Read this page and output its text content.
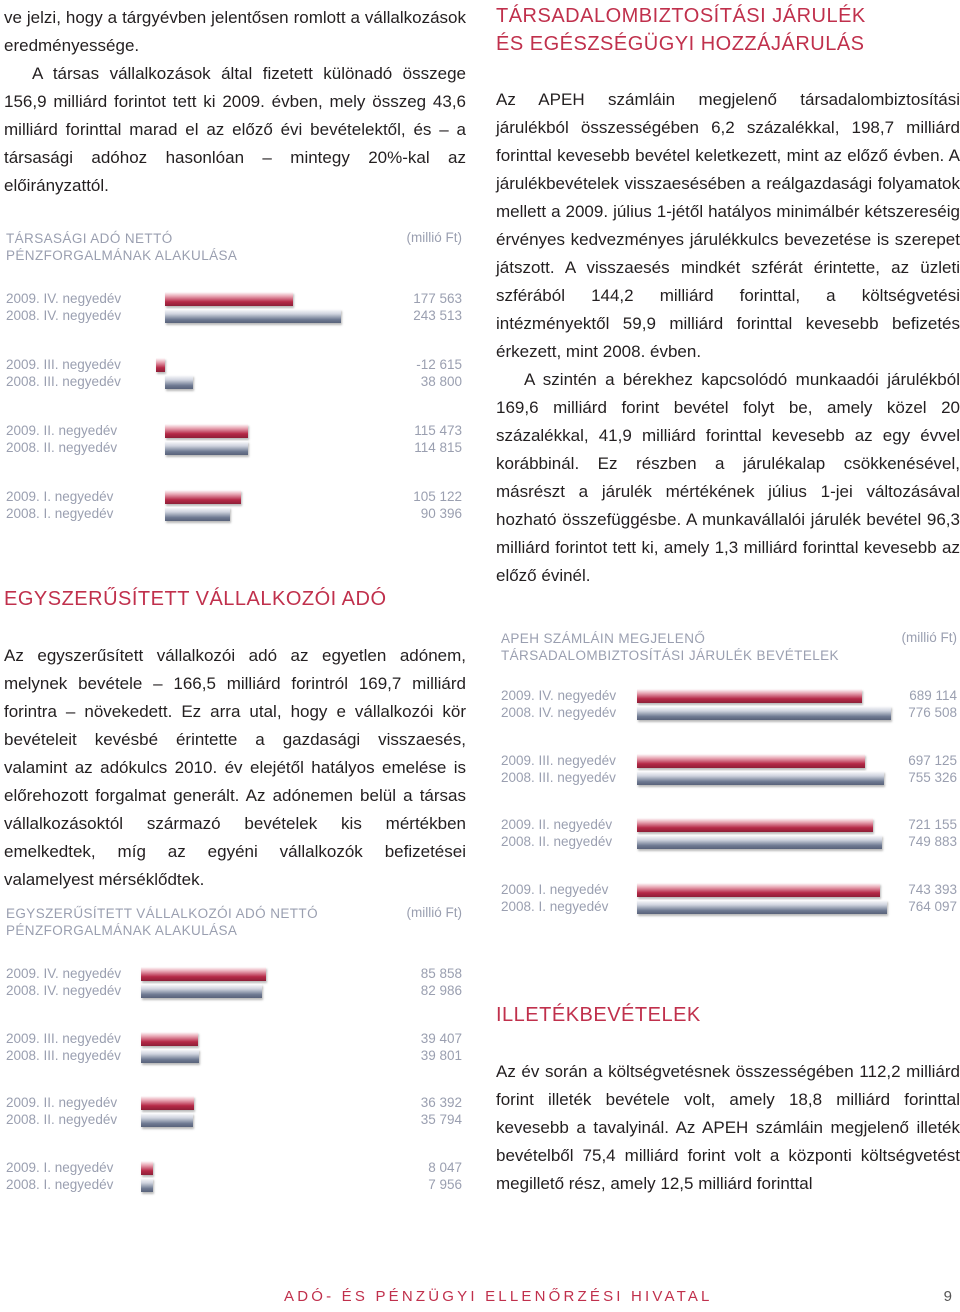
ve jelzi, hogy a tárgyévben jelentősen romlott a vállalkozások eredményessége.

A társas vállalkozások által fizetett különadó összege 156,9 milliárd forintot tett ki 2009. évben, mely összeg 43,6 milliárd forinttal marad el az előző évi bevételektől, és – a társasági adóhoz hasonlóan – mintegy 20%-kal az előirányzattól.

TÁRSASÁGI ADÓ NETTÓ PÉNZFORGALMÁNAK ALAKULÁSA
(millió Ft)
2009. IV. negyedév	177 563
2008. IV. negyedév	243 513
2009. III. negyedév	-12 615
2008. III. negyedév	38 800
2009. II. negyedév	115 473
2008. II. negyedév	114 815
2009. I. negyedév	105 122
2008. I. negyedév	90 396
EGYSZERŰSÍTETT VÁLLALKOZÓI ADÓ

Az egyszerűsített vállalkozói adó az egyetlen adónem, melynek bevétele – 166,5 milliárd forintról 169,7 milliárd forintra – növekedett. Ez arra utal, hogy e vállalkozói kör bevételeit kevésbé érintette a gazdasági visszaesés, valamint az adókulcs 2010. év elejétől hatályos emelése is előrehozott forgalmat generált. Az adónemen belül a társas vállalkozásoktól származó bevételek kis mértékben emelkedtek, míg az egyéni vállalkozók befizetései valamelyest mérséklődtek.

EGYSZERŰSÍTETT VÁLLALKOZÓI ADÓ NETTÓ PÉNZFORGALMÁNAK ALAKULÁSA
(millió Ft)
2009. IV. negyedév	85 858
2008. IV. negyedév	82 986
2009. III. negyedév	39 407
2008. III. negyedév	39 801
2009. II. negyedév	36 392
2008. II. negyedév	35 794
2009. I. negyedév	8 047
2008. I. negyedév	7 956
TÁRSADALOMBIZTOSÍTÁSI JÁRULÉK ÉS EGÉSZSÉGÜGYI HOZZÁJÁRULÁS

Az APEH számláin megjelenő társadalombiztosítási járulékból összességében 6,2 százalékkal, 198,7 milliárd forinttal kevesebb bevétel keletkezett, mint az előző évben. A járulékbevételek visszaesésében a reálgazdasági folyamatok mellett a 2009. július 1-jétől hatályos minimálbér kétszereséig érvényes kedvezményes járulékkulcs bevezetése is szerepet játszott. A visszaesés mindkét szférát érintette, az üzleti szférából 144,2 milliárd forinttal, a költségvetési intézményektől 59,9 milliárd forinttal kevesebb befizetés érkezett, mint 2008. évben.

A szintén a bérekhez kapcsolódó munkaadói járulékból 169,6 milliárd forint bevétel folyt be, amely közel 20 százalékkal, 41,9 milliárd forinttal kevesebb az egy évvel korábbinál. Ez részben a járulékalap csökkenésével, másrészt a járulék mértékének július 1-jei változásával hozható összefüggésbe. A munkavállalói járulék bevétel 96,3 milliárd forintot tett ki, amely 1,3 milliárd forinttal kevesebb az előző évinél.

APEH SZÁMLÁIN MEGJELENŐ TÁRSADALOMBIZTOSÍTÁSI JÁRULÉK BEVÉTELEK
(millió Ft)
2009. IV. negyedév	689 114
2008. IV. negyedév	776 508
2009. III. negyedév	697 125
2008. III. negyedév	755 326
2009. II. negyedév	721 155
2008. II. negyedév	749 883
2009. I. negyedév	743 393
2008. I. negyedév	764 097
ILLETÉKBEVÉTELEK

Az év során a költségvetésnek összességében 112,2 milliárd forint illeték bevétele volt, amely 18,8 milliárd forinttal kevesebb a tavalyinál. Az APEH számláin megjelenő illeték bevételből 75,4 milliárd forint volt a központi költségvetést megillető rész, amely 12,5 milliárd forinttal

ADÓ- ÉS PÉNZÜGYI ELLENŐRZÉSI HIVATAL	9
